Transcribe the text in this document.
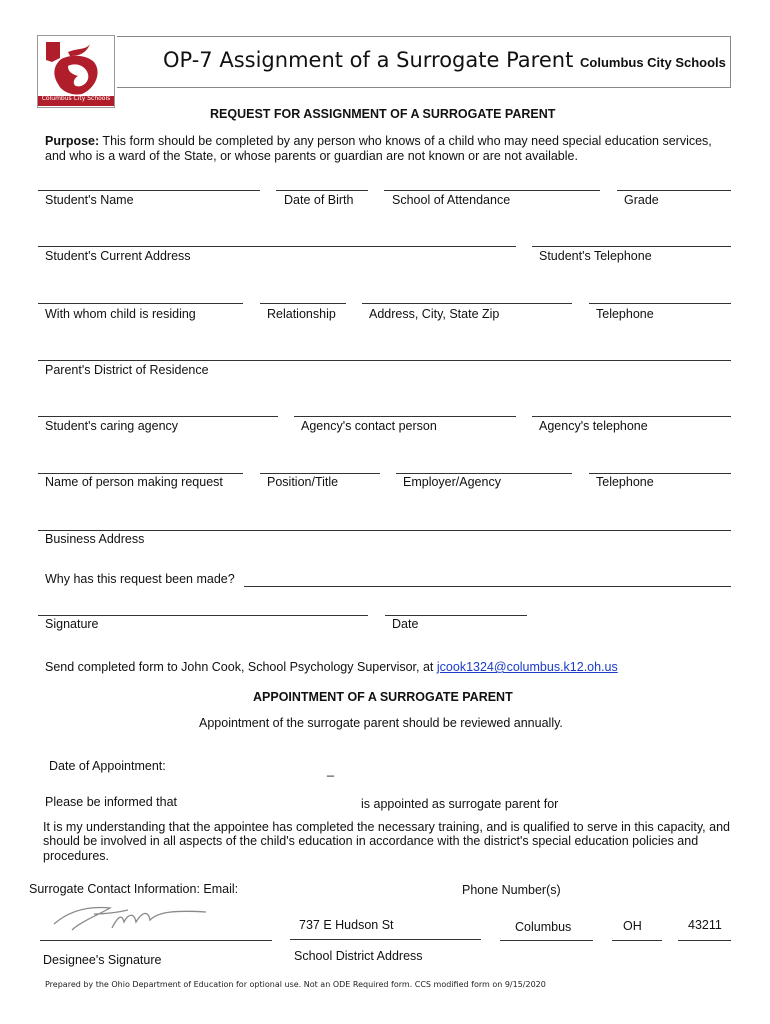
Columbus City Schools
OP-7 Assignment of a Surrogate Parent Columbus City Schools
REQUEST FOR ASSIGNMENT OF A SURROGATE PARENT
Purpose: This form should be completed by any person who knows of a child who may need special education services,
and who is a ward of the State, or whose parents or guardian are not known or are not available.
Student's Name	Date of Birth	School of Attendance	Grade
Student's Current Address	Student's Telephone
With whom child is residing	Relationship	Address, City, State Zip	Telephone
Parent's District of Residence
Student's caring agency	Agency's contact person	Agency's telephone
Name of person making request	Position/Title	Employer/Agency	Telephone
Business Address
Why has this request been made?
Signature	Date
Send completed form to John Cook, School Psychology Supervisor, at jcook1324@columbus.k12.oh.us
APPOINTMENT OF A SURROGATE PARENT
Appointment of the surrogate parent should be reviewed annually.
Date of Appointment:	_
Please be informed that	is appointed as surrogate parent for
It is my understanding that the appointee has completed the necessary training, and is qualified to serve in this capacity, and
should be involved in all aspects of the child's education in accordance with the district's special education policies and
procedures.
Surrogate Contact Information: Email:	Phone Number(s)
Designee's Signature
737 E Hudson St	Columbus	OH	43211
School District Address
Prepared by the Ohio Department of Education for optional use. Not an ODE Required form. CCS modified form on 9/15/2020
